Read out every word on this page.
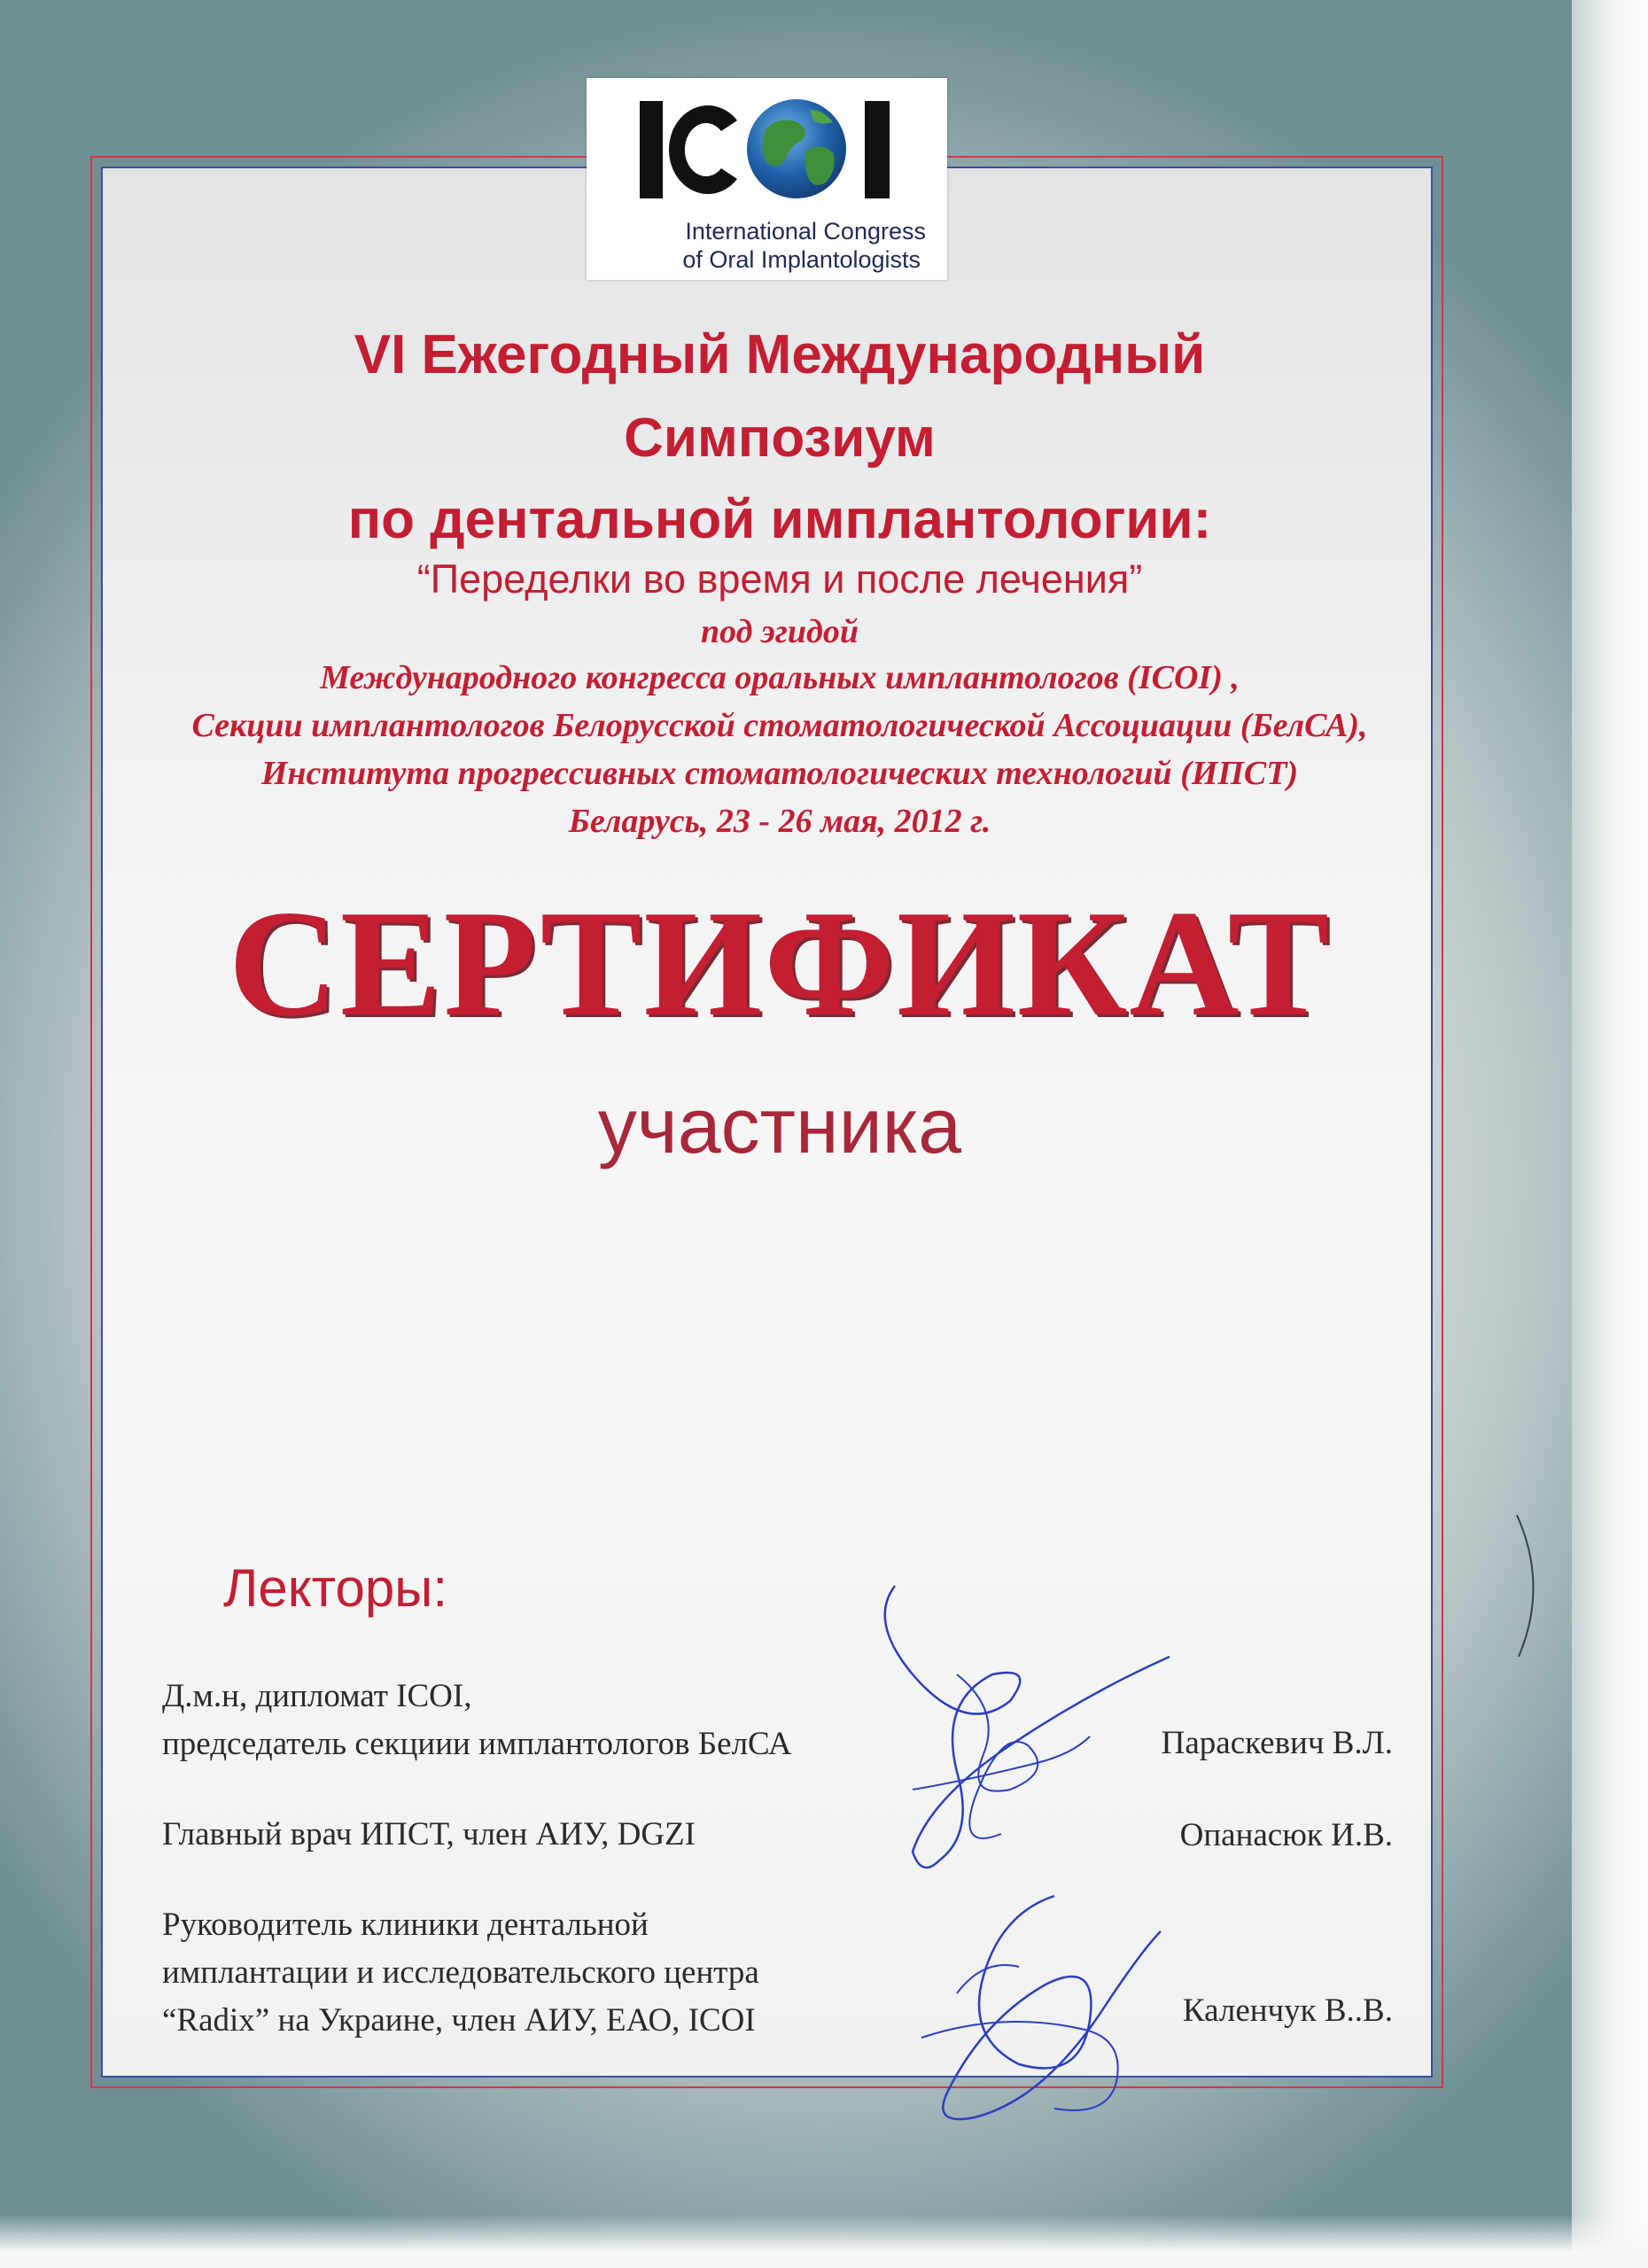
International Congress
of Oral Implantologists
VI Ежегодный Международный
Симпозиум
по дентальной имплантологии:
“Переделки во время и после лечения”
под эгидой
Международного конгресса оральных имплантологов (ICOI) ,
Секции имплантологов Белорусской стоматологической Ассоциации (БелСА),
Института прогрессивных стоматологических технологий (ИПСТ)
Беларусь, 23 - 26 мая, 2012 г.
СЕРТИФИКАТ
участника
Лекторы:
Д.м.н, дипломат ICOI,
председатель секциии имплантологов БелСА	Параскевич В.Л.
Главный врач ИПСТ, член АИУ, DGZI	Опанасюк И.В.
Руководитель клиники дентальной
имплантации и исследовательского центра
“Radix” на Украине, член АИУ, ЕАО, ICOI	Каленчук В..В.
